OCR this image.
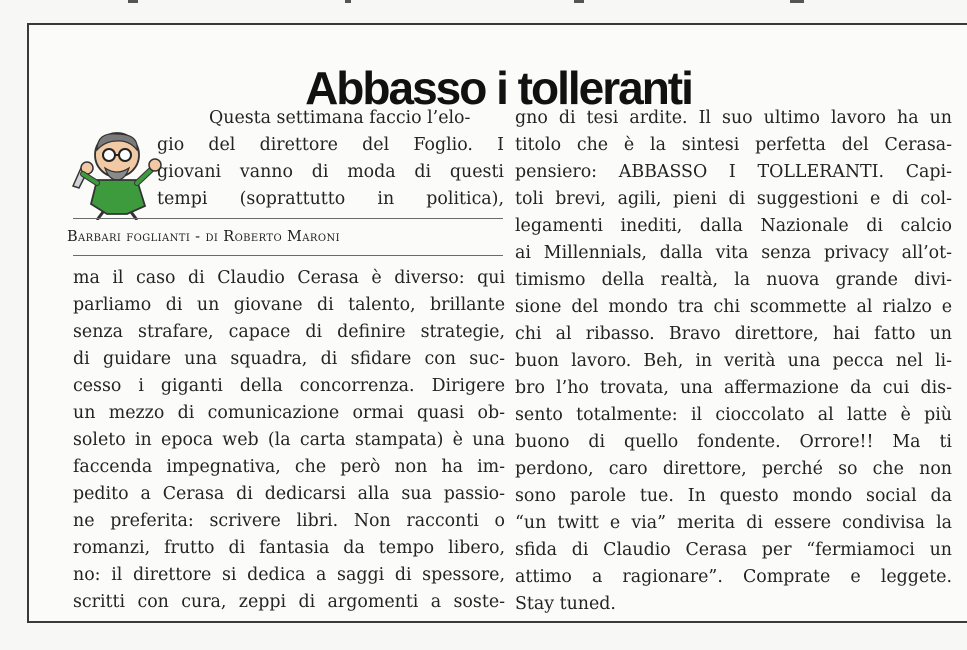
Abbasso i tolleranti
Questa settimana faccio l’elo-
gio del direttore del Foglio. I
giovani vanno di moda di questi
tempi (soprattutto in politica),
Barbari foglianti - di Roberto Maroni
ma il caso di Claudio Cerasa è diverso: qui
parliamo di un giovane di talento, brillante
senza strafare, capace di definire strategie,
di guidare una squadra, di sfidare con suc-
cesso i giganti della concorrenza. Dirigere
un mezzo di comunicazione ormai quasi ob-
soleto in epoca web (la carta stampata) è una
faccenda impegnativa, che però non ha im-
pedito a Cerasa di dedicarsi alla sua passio-
ne preferita: scrivere libri. Non racconti o
romanzi, frutto di fantasia da tempo libero,
no: il direttore si dedica a saggi di spessore,
scritti con cura, zeppi di argomenti a soste-
gno di tesi ardite. Il suo ultimo lavoro ha un
titolo che è la sintesi perfetta del Cerasa-
pensiero: ABBASSO I TOLLERANTI. Capi-
toli brevi, agili, pieni di suggestioni e di col-
legamenti inediti, dalla Nazionale di calcio
ai Millennials, dalla vita senza privacy all’ot-
timismo della realtà, la nuova grande divi-
sione del mondo tra chi scommette al rialzo e
chi al ribasso. Bravo direttore, hai fatto un
buon lavoro. Beh, in verità una pecca nel li-
bro l’ho trovata, una affermazione da cui dis-
sento totalmente: il cioccolato al latte è più
buono di quello fondente. Orrore!! Ma ti
perdono, caro direttore, perché so che non
sono parole tue. In questo mondo social da
“un twitt e via” merita di essere condivisa la
sfida di Claudio Cerasa per “fermiamoci un
attimo a ragionare”. Comprate e leggete.
Stay tuned.
